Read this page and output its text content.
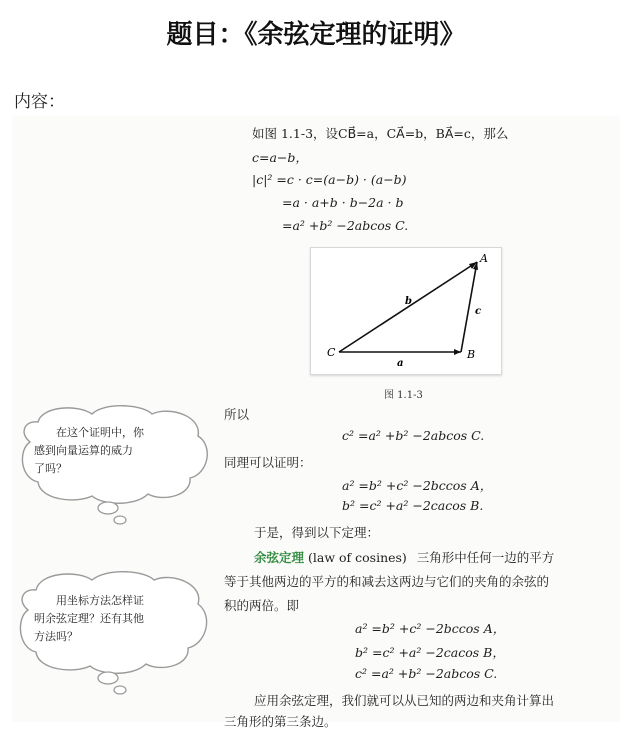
题目：《余弦定理的证明》
内容：
如图 1.1-3，设CB⃗=a，CA⃗=b，BA⃗=c，那么
c=a−b，
|c|² =c · c=(a−b) · (a−b)
=a · a+b · b−2a · b
=a² +b² −2abcos C.
C	B
A
a
b
c
图 1.1-3
所以
c² =a² +b² −2abcos C.
同理可以证明：
a² =b² +c² −2bccos A，
b² =c² +a² −2cacos B.
于是，得到以下定理：
余弦定理 (law of cosines) 三角形中任何一边的平方
等于其他两边的平方的和减去这两边与它们的夹角的余弦的
积的两倍。即
a² =b² +c² −2bccos A，
b² =c² +a² −2cacos B，
c² =a² +b² −2abcos C.
应用余弦定理，我们就可以从已知的两边和夹角计算出
三角形的第三条边。
在这个证明中，你
感到向量运算的威力
了吗？
用坐标方法怎样证
明余弦定理？还有其他
方法吗？
